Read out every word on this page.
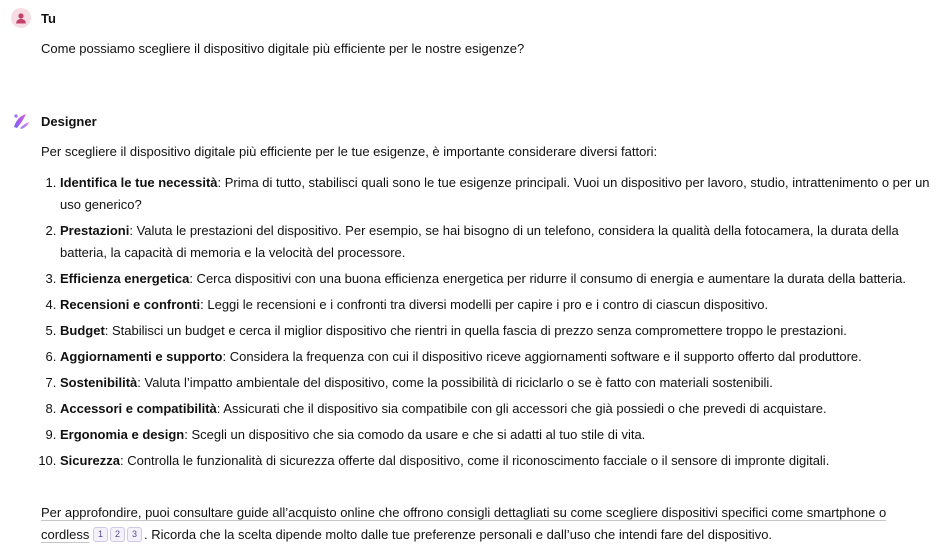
Tu
Come possiamo scegliere il dispositivo digitale più efficiente per le nostre esigenze?
Designer
Per scegliere il dispositivo digitale più efficiente per le tue esigenze, è importante considerare diversi fattori:
1. Identifica le tue necessità: Prima di tutto, stabilisci quali sono le tue esigenze principali. Vuoi un dispositivo per lavoro, studio, intrattenimento o per un uso generico?
2. Prestazioni: Valuta le prestazioni del dispositivo. Per esempio, se hai bisogno di un telefono, considera la qualità della fotocamera, la durata della batteria, la capacità di memoria e la velocità del processore.
3. Efficienza energetica: Cerca dispositivi con una buona efficienza energetica per ridurre il consumo di energia e aumentare la durata della batteria.
4. Recensioni e confronti: Leggi le recensioni e i confronti tra diversi modelli per capire i pro e i contro di ciascun dispositivo.
5. Budget: Stabilisci un budget e cerca il miglior dispositivo che rientri in quella fascia di prezzo senza compromettere troppo le prestazioni.
6. Aggiornamenti e supporto: Considera la frequenza con cui il dispositivo riceve aggiornamenti software e il supporto offerto dal produttore.
7. Sostenibilità: Valuta l’impatto ambientale del dispositivo, come la possibilità di riciclarlo o se è fatto con materiali sostenibili.
8. Accessori e compatibilità: Assicurati che il dispositivo sia compatibile con gli accessori che già possiedi o che prevedi di acquistare.
9. Ergonomia e design: Scegli un dispositivo che sia comodo da usare e che si adatti al tuo stile di vita.
10. Sicurezza: Controlla le funzionalità di sicurezza offerte dal dispositivo, come il riconoscimento facciale o il sensore di impronte digitali.
Per approfondire, puoi consultare guide all’acquisto online che offrono consigli dettagliati su come scegliere dispositivi specifici come smartphone o cordless 1 2 3 . Ricorda che la scelta dipende molto dalle tue preferenze personali e dall’uso che intendi fare del dispositivo.
